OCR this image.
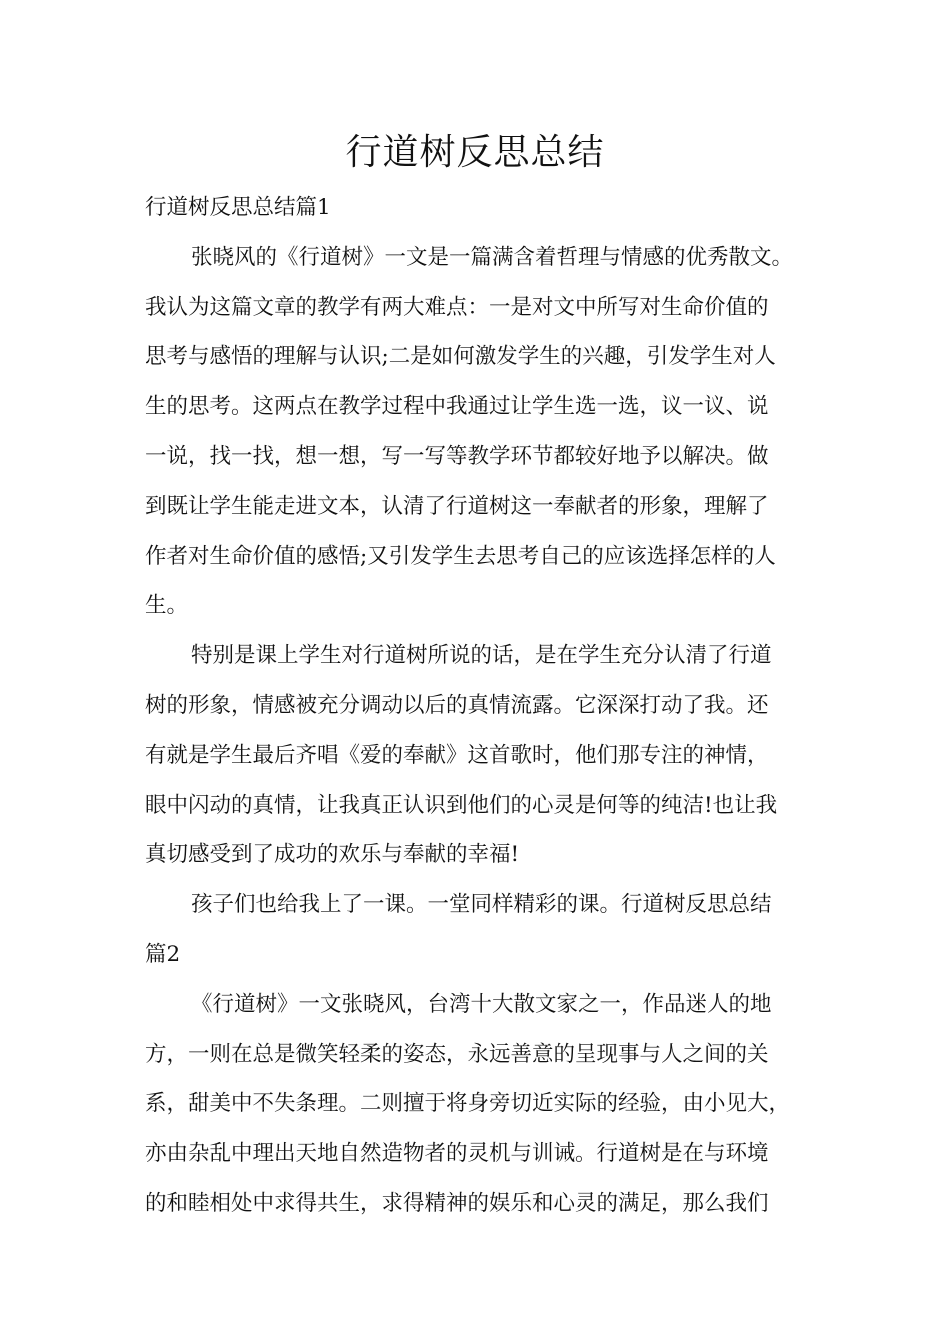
行道树反思总结
行道树反思总结篇1
张晓风的《行道树》一文是一篇满含着哲理与情感的优秀散文。
我认为这篇文章的教学有两大难点：一是对文中所写对生命价值的
思考与感悟的理解与认识;二是如何激发学生的兴趣，引发学生对人
生的思考。这两点在教学过程中我通过让学生选一选，议一议、说
一说，找一找，想一想，写一写等教学环节都较好地予以解决。做
到既让学生能走进文本，认清了行道树这一奉献者的形象，理解了
作者对生命价值的感悟;又引发学生去思考自己的应该选择怎样的人
生。
特别是课上学生对行道树所说的话，是在学生充分认清了行道
树的形象，情感被充分调动以后的真情流露。它深深打动了我。还
有就是学生最后齐唱《爱的奉献》这首歌时，他们那专注的神情，
眼中闪动的真情，让我真正认识到他们的心灵是何等的纯洁!也让我
真切感受到了成功的欢乐与奉献的幸福!
孩子们也给我上了一课。一堂同样精彩的课。行道树反思总结
篇2
《行道树》一文张晓风，台湾十大散文家之一，作品迷人的地
方，一则在总是微笑轻柔的姿态，永远善意的呈现事与人之间的关
系，甜美中不失条理。二则擅于将身旁切近实际的经验，由小见大，
亦由杂乱中理出天地自然造物者的灵机与训诫。行道树是在与环境
的和睦相处中求得共生，求得精神的娱乐和心灵的满足，那么我们
